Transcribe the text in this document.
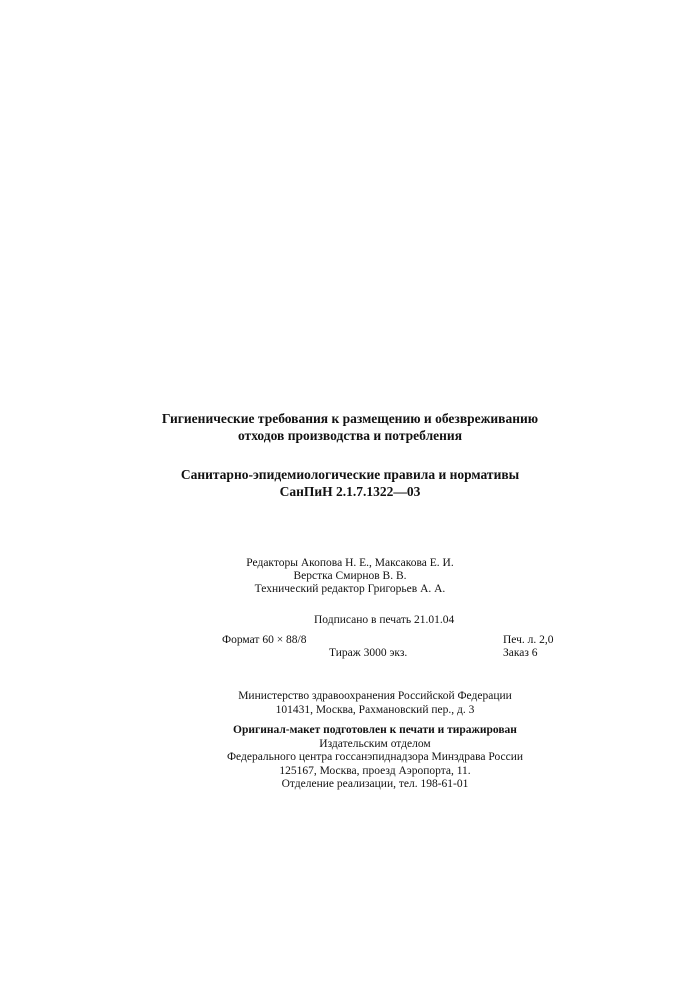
Гигиенические требования к размещению и обезвреживанию
отходов производства и потребления
Санитарно-эпидемиологические правила и нормативы
СанПиН 2.1.7.1322—03
Редакторы Акопова Н. Е., Максакова Е. И.
Верстка Смирнов В. В.
Технический редактор Григорьев А. А.
Подписано в печать 21.01.04
Формат 60 × 88/8	Печ. л. 2,0
Тираж 3000 экз.	Заказ 6
Министерство здравоохранения Российской Федерации
101431, Москва, Рахмановский пер., д. 3
Оригинал-макет подготовлен к печати и тиражирован
Издательским отделом
Федерального центра госсанэпиднадзора Минздрава России
125167, Москва, проезд Аэропорта, 11.
Отделение реализации, тел. 198-61-01
